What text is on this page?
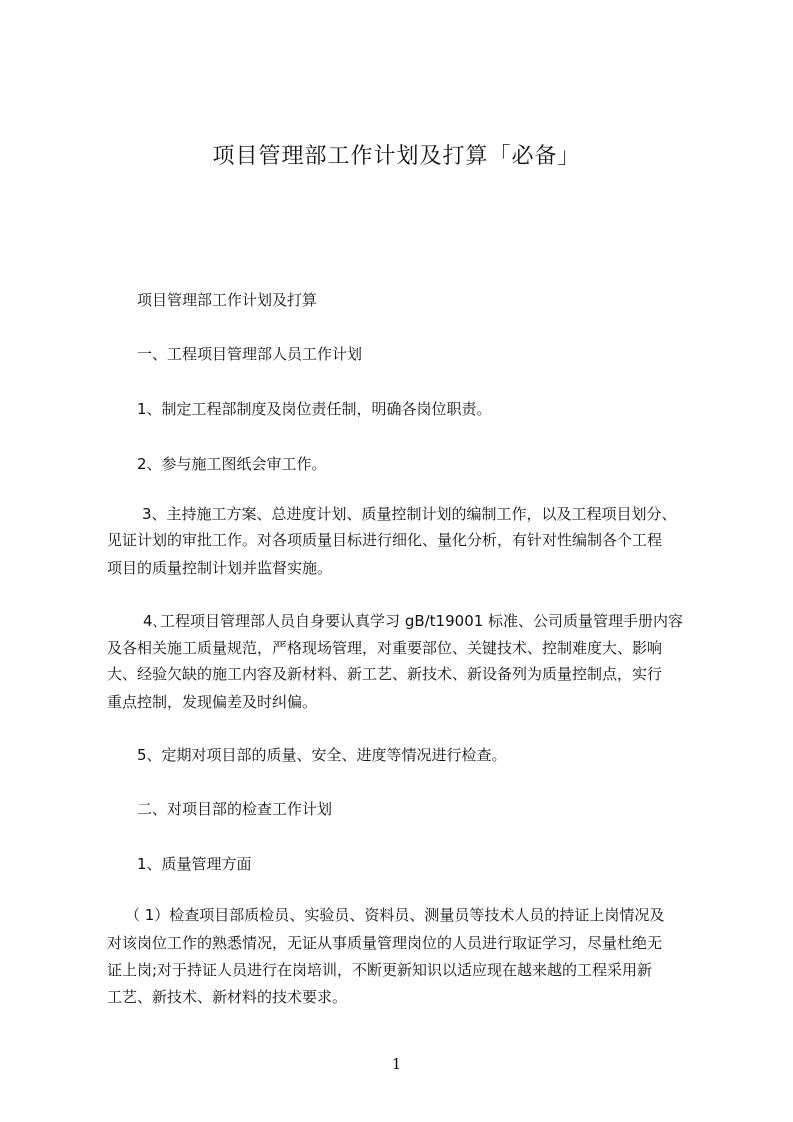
项目管理部工作计划及打算「必备」
项目管理部工作计划及打算
一、工程项目管理部人员工作计划
1、制定工程部制度及岗位责任制，明确各岗位职责。
2、参与施工图纸会审工作。
3、主持施工方案、总进度计划、质量控制计划的编制工作，以及工程项目划分、
见证计划的审批工作。对各项质量目标进行细化、量化分析，有针对性编制各个工程
项目的质量控制计划并监督实施。
4､工程项目管理部人员自身要认真学习 gB/t19001 标准、公司质量管理手册内容
及各相关施工质量规范，严格现场管理，对重要部位、关键技术、控制难度大、影响
大、经验欠缺的施工内容及新材料、新工艺、新技术、新设备列为质量控制点，实行
重点控制，发现偏差及时纠偏。
5、定期对项目部的质量、安全、进度等情况进行检查。
二、对项目部的检查工作计划
1、质量管理方面
（ 1）检查项目部质检员、实验员、资料员、测量员等技术人员的持证上岗情况及
对该岗位工作的熟悉情况，无证从事质量管理岗位的人员进行取证学习，尽量杜绝无
证上岗;对于持证人员进行在岗培训，不断更新知识以适应现在越来越的工程采用新
工艺、新技术、新材料的技术要求。
1
